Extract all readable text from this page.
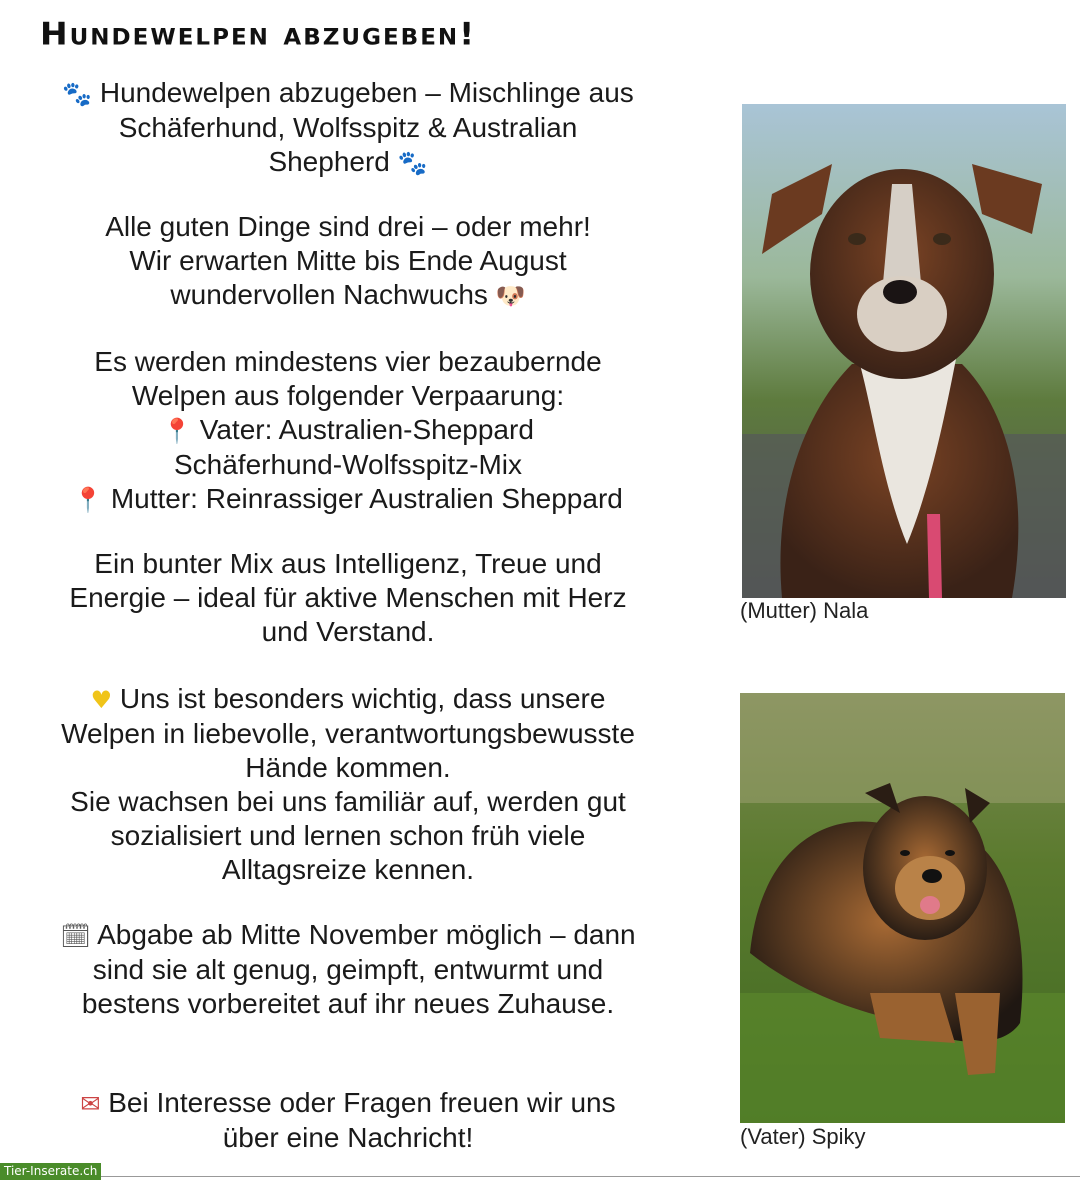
Hundewelpen abzugeben!

🐾 Hundewelpen abzugeben – Mischlinge aus

Schäferhund, Wolfsspitz & Australian

Shepherd 🐾

Alle guten Dinge sind drei – oder mehr!

Wir erwarten Mitte bis Ende August

wundervollen Nachwuchs 🐶

Es werden mindestens vier bezaubernde

Welpen aus folgender Verpaarung:

📍 Vater: Australien-Sheppard

Schäferhund-Wolfsspitz-Mix

📍 Mutter: Reinrassiger Australien Sheppard

Ein bunter Mix aus Intelligenz, Treue und

Energie – ideal für aktive Menschen mit Herz

und Verstand.

♥ Uns ist besonders wichtig, dass unsere

Welpen in liebevolle, verantwortungsbewusste

Hände kommen.

Sie wachsen bei uns familiär auf, werden gut

sozialisiert und lernen schon früh viele

Alltagsreize kennen.

🗓 Abgabe ab Mitte November möglich – dann

sind sie alt genug, geimpft, entwurmt und

bestens vorbereitet auf ihr neues Zuhause.

✉ Bei Interesse oder Fragen freuen wir uns

über eine Nachricht!

(Mutter) Nala
(Vater) Spiky
Tier-Inserate.ch
